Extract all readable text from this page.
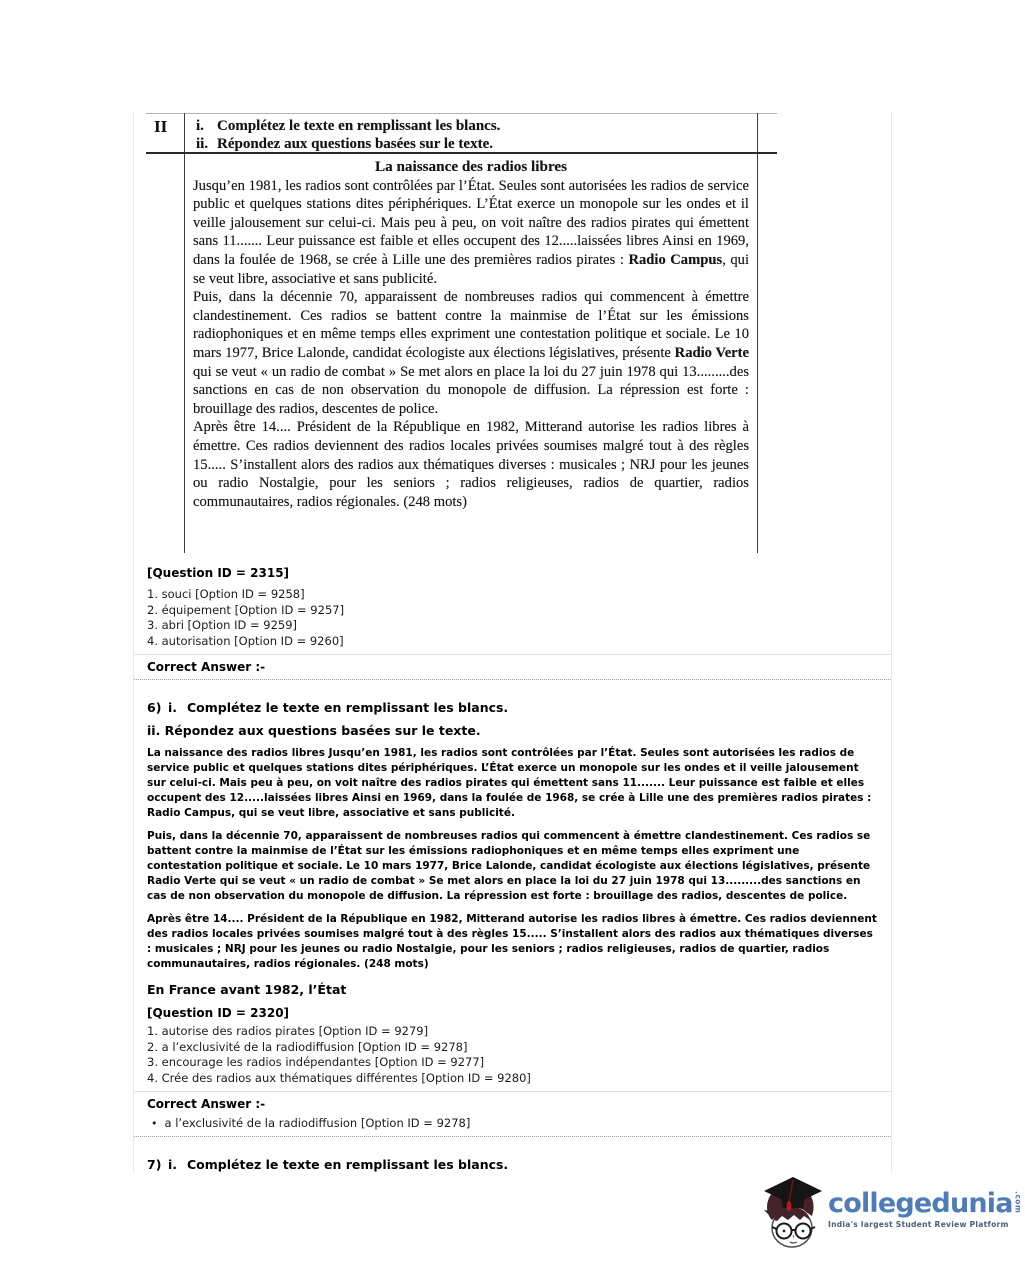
II i. Complétez le texte en remplissant les blancs.
ii. Répondez aux questions basées sur le texte.
La naissance des radios libres

Jusqu’en 1981, les radios sont contrôlées par l’État. Seules sont autorisées les radios de service public et quelques stations dites périphériques. L’État exerce un monopole sur les ondes et il veille jalousement sur celui-ci. Mais peu à peu, on voit naître des radios pirates qui émettent sans 11....... Leur puissance est faible et elles occupent des 12.....laissées libres Ainsi en 1969, dans la foulée de 1968, se crée à Lille une des premières radios pirates : Radio Campus, qui se veut libre, associative et sans publicité.

Puis, dans la décennie 70, apparaissent de nombreuses radios qui commencent à émettre clandestinement. Ces radios se battent contre la mainmise de l’État sur les émissions radiophoniques et en même temps elles expriment une contestation politique et sociale. Le 10 mars 1977, Brice Lalonde, candidat écologiste aux élections législatives, présente Radio Verte qui se veut « un radio de combat » Se met alors en place la loi du 27 juin 1978 qui 13.........des sanctions en cas de non observation du monopole de diffusion. La répression est forte : brouillage des radios, descentes de police.

Après être 14.... Président de la République en 1982, Mitterand autorise les radios libres à émettre. Ces radios deviennent des radios locales privées soumises malgré tout à des règles 15..... S’installent alors des radios aux thématiques diverses : musicales ; NRJ pour les jeunes ou radio Nostalgie, pour les seniors ; radios religieuses, radios de quartier, radios communautaires, radios régionales. (248 mots)

[Question ID = 2315]
1. souci [Option ID = 9258]
2. équipement [Option ID = 9257]
3. abri [Option ID = 9259]
4. autorisation [Option ID = 9260]
Correct Answer :-
6) i. Complétez le texte en remplissant les blancs.
ii. Répondez aux questions basées sur le texte.
La naissance des radios libres Jusqu’en 1981, les radios sont contrôlées par l’État. Seules sont autorisées les radios de service public et quelques stations dites périphériques. L’État exerce un monopole sur les ondes et il veille jalousement sur celui-ci. Mais peu à peu, on voit naître des radios pirates qui émettent sans 11....... Leur puissance est faible et elles occupent des 12.....laissées libres Ainsi en 1969, dans la foulée de 1968, se crée à Lille une des premières radios pirates : Radio Campus, qui se veut libre, associative et sans publicité.
Puis, dans la décennie 70, apparaissent de nombreuses radios qui commencent à émettre clandestinement. Ces radios se battent contre la mainmise de l’État sur les émissions radiophoniques et en même temps elles expriment une contestation politique et sociale. Le 10 mars 1977, Brice Lalonde, candidat écologiste aux élections législatives, présente Radio Verte qui se veut « un radio de combat » Se met alors en place la loi du 27 juin 1978 qui 13.........des sanctions en cas de non observation du monopole de diffusion. La répression est forte : brouillage des radios, descentes de police.
Après être 14.... Président de la République en 1982, Mitterand autorise les radios libres à émettre. Ces radios deviennent des radios locales privées soumises malgré tout à des règles 15..... S’installent alors des radios aux thématiques diverses : musicales ; NRJ pour les jeunes ou radio Nostalgie, pour les seniors ; radios religieuses, radios de quartier, radios communautaires, radios régionales. (248 mots)
En France avant 1982, l’État
[Question ID = 2320]
1. autorise des radios pirates [Option ID = 9279]
2. a l’exclusivité de la radiodiffusion [Option ID = 9278]
3. encourage les radios indépendantes [Option ID = 9277]
4. Crée des radios aux thématiques différentes [Option ID = 9280]
Correct Answer :-
• a l’exclusivité de la radiodiffusion [Option ID = 9278]
7) i. Complétez le texte en remplissant les blancs.
collegedunia.com
India's largest Student Review Platform
